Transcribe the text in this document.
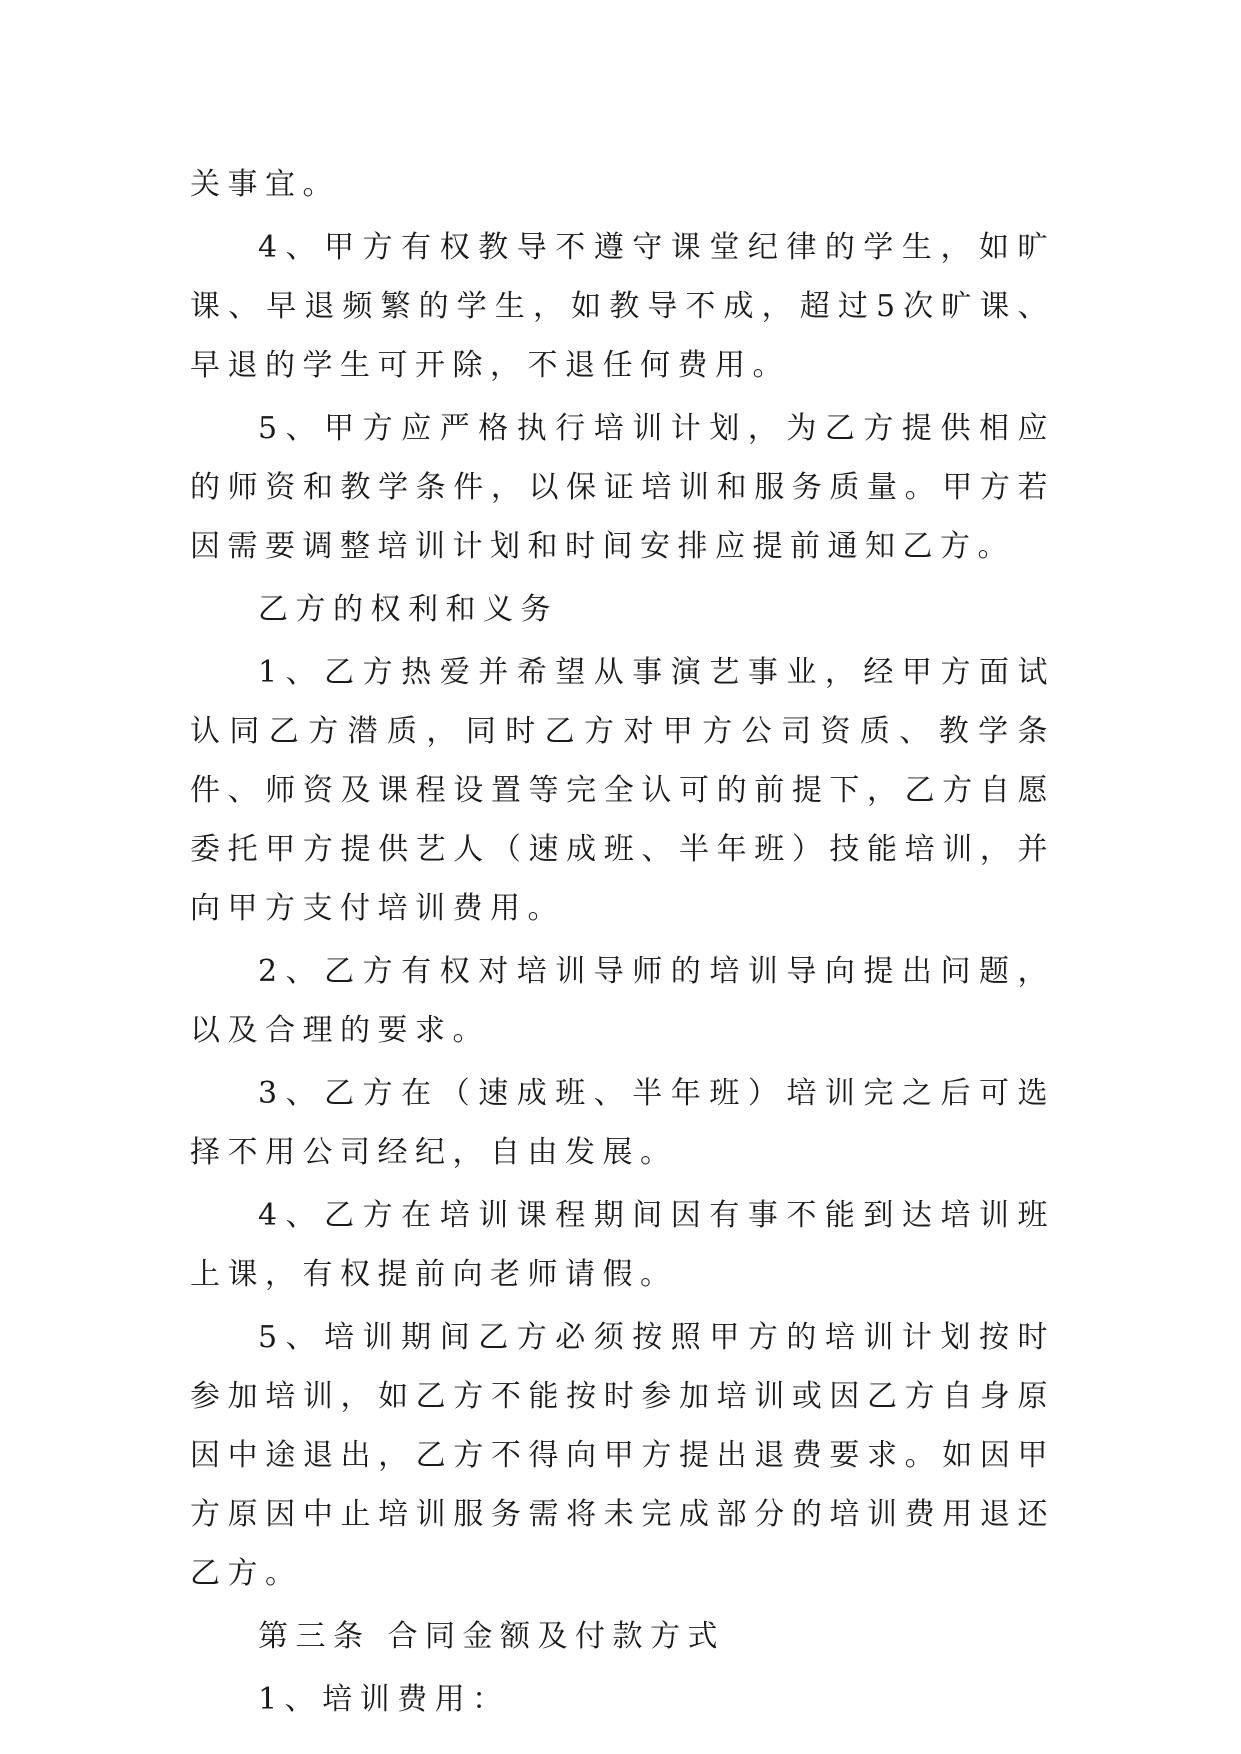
关事宜。

4、甲方有权教导不遵守课堂纪律的学生，如旷课、早退频繁的学生，如教导不成，超过5次旷课、早退的学生可开除，不退任何费用。

5、甲方应严格执行培训计划，为乙方提供相应的师资和教学条件，以保证培训和服务质量。甲方若因需要调整培训计划和时间安排应提前通知乙方。

乙方的权利和义务

1、乙方热爱并希望从事演艺事业，经甲方面试认同乙方潜质，同时乙方对甲方公司资质、教学条件、师资及课程设置等完全认可的前提下，乙方自愿委托甲方提供艺人（速成班、半年班）技能培训，并向甲方支付培训费用。

2、乙方有权对培训导师的培训导向提出问题，以及合理的要求。

3、乙方在（速成班、半年班）培训完之后可选择不用公司经纪，自由发展。

4、乙方在培训课程期间因有事不能到达培训班上课，有权提前向老师请假。

5、培训期间乙方必须按照甲方的培训计划按时参加培训，如乙方不能按时参加培训或因乙方自身原因中途退出，乙方不得向甲方提出退费要求。如因甲方原因中止培训服务需将未完成部分的培训费用退还乙方。

第三条 合同金额及付款方式

1、培训费用：
